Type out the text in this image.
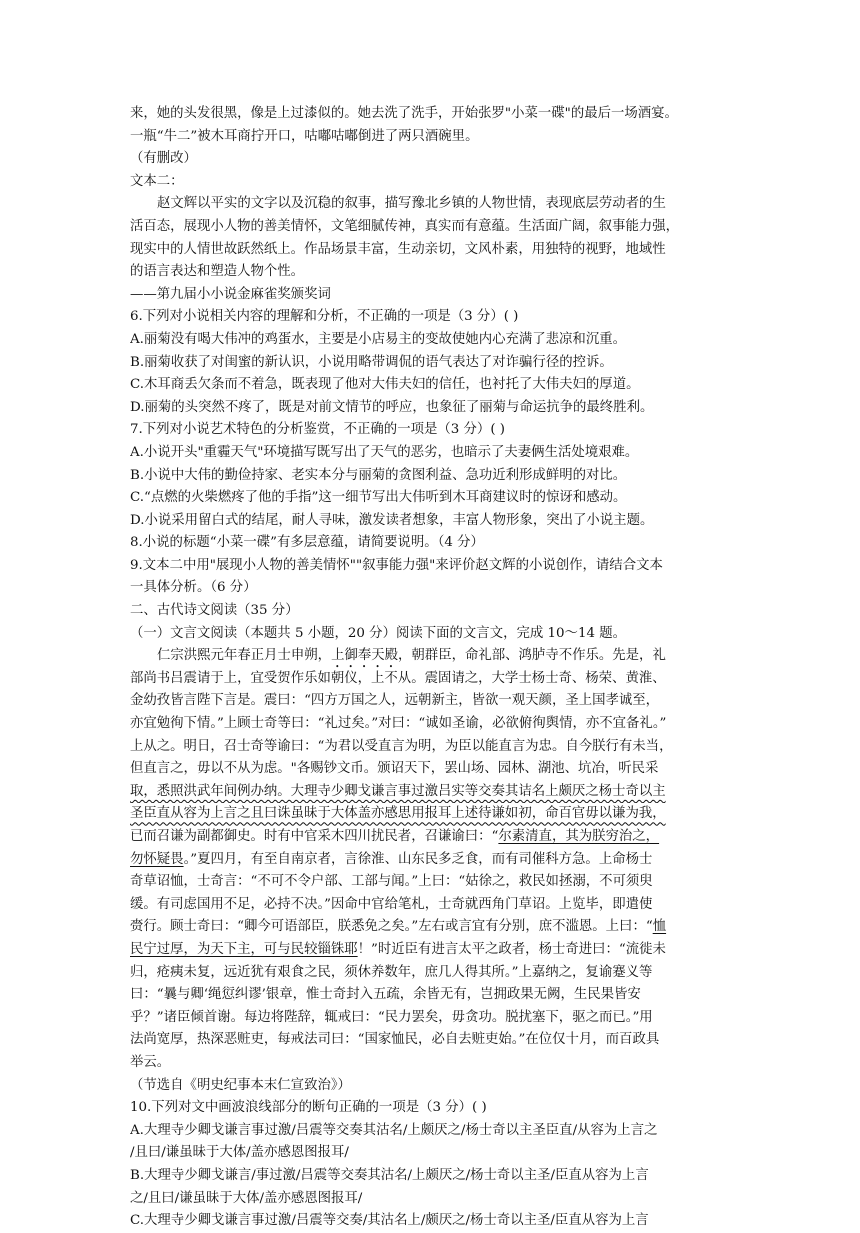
来，她的头发很黑，像是上过漆似的。她去洗了洗手，开始张罗"小菜一碟"的最后一场酒宴。
一瓶“牛二”被木耳商拧开口，咕嘟咕嘟倒进了两只酒碗里。
（有删改）
文本二：
赵文辉以平实的文字以及沉稳的叙事，描写豫北乡镇的人物世情，表现底层劳动者的生
活百态，展现小人物的善美情怀，文笔细腻传神，真实而有意蕴。生活面广阔，叙事能力强，
现实中的人情世故跃然纸上。作品场景丰富，生动亲切，文风朴素，用独特的视野，地域性
的语言表达和塑造人物个性。
——第九届小小说金麻雀奖颁奖词
6.下列对小说相关内容的理解和分析，不正确的一项是（3 分）( )
A.丽菊没有喝大伟冲的鸡蛋水，主要是小店易主的变故使她内心充满了悲凉和沉重。
B.丽菊收获了对闺蜜的新认识，小说用略带调侃的语气表达了对诈骗行径的控诉。
C.木耳商丢欠条而不着急，既表现了他对大伟夫妇的信任，也衬托了大伟夫妇的厚道。
D.丽菊的头突然不疼了，既是对前文情节的呼应，也象征了丽菊与命运抗争的最终胜利。
7.下列对小说艺术特色的分析鉴赏，不正确的一项是（3 分）( )
A.小说开头"重霾天气"环境描写既写出了天气的恶劣，也暗示了夫妻俩生活处境艰难。
B.小说中大伟的勤俭持家、老实本分与丽菊的贪图利益、急功近利形成鲜明的对比。
C.“点燃的火柴燃疼了他的手指”这一细节写出大伟听到木耳商建议时的惊讶和感动。
D.小说采用留白式的结尾，耐人寻味，激发读者想象，丰富人物形象，突出了小说主题。
8.小说的标题“小菜一碟”有多层意蕴，请简要说明。（4 分）
9.文本二中用"展现小人物的善美情怀""叙事能力强"来评价赵文辉的小说创作，请结合文本
一具体分析。（6 分）
二、古代诗文阅读（35 分）
（一）文言文阅读（本题共 5 小题，20 分）阅读下面的文言文，完成 10～14 题。
仁宗洪熙元年春正月士申朔，上御奉天殿，朝群臣，命礼部、鸿胪寺不作乐。先是，礼
部尚书吕震请于上，宜受贺作乐如朝仪，上不从。震固请之，大学士杨士奇、杨荣、黄淮、
金幼孜皆言陛下言是。震曰：“四方万国之人，远朝新主，皆欲一观天颜，圣上国孝诚至，
亦宜勉徇下情。”上顾士奇等曰：“礼过矣。”对曰：“诚如圣谕，必欲俯徇舆情，亦不宜备礼。”
上从之。明日，召士奇等谕曰：“为君以受直言为明，为臣以能直言为忠。自今朕行有未当，
但直言之，毋以不从为虑。"各赐钞文币。颁诏天下，罢山场、园林、湖池、坑冶，听民采
取，悉照洪武年间例办纳。大理寺少卿戈谦言事过激吕实等交奏其诘名上颇厌之杨士奇以主
圣臣直从容为上言之且曰诛虽昧于大体盖亦感思用报耳上述待谦如初，命百官毋以谦为我，
已而召谦为副都御史。时有中官采木四川扰民者，召谦谕曰：“尔素清直，其为朕穷治之，
勿怀疑畏。”夏四月，有至自南京者，言徐淮、山东民多乏食，而有司催科方急。上命杨士
奇草诏恤，士奇言：“不可不令户部、工部与闻。”上曰：“姑徐之，救民如拯溺，不可须臾
缓。有司虑国用不足，必持不决。”因命中官给笔札，士奇就西角门草诏。上览毕，即遣使
赍行。顾士奇曰：“卿今可语部臣，朕悉免之矣。”左右或言宜有分别，庶不滥恩。上曰：“恤
民宁过厚，为天下主，可与民较锱铢耶！”时近臣有进言太平之政者，杨士奇进曰：“流徙未
归，疮痍未复，远近犹有艰食之民，须休养数年，庶几人得其所。”上嘉纳之，复谕蹇义等
曰：“曩与卿‘绳愆纠谬’银章，惟士奇封入五疏，余皆无有，岂拥政果无阙，生民果皆安
乎？”诸臣倾首谢。每边将陛辞，辄戒曰：“民力罢矣，毋贪功。脱扰塞下，驱之而已。”用
法尚宽厚，热深恶赃吏，每戒法司曰：“国家恤民，必自去赃吏始。”在位仅十月，而百政具
举云。
（节选自《明史纪事本末仁宣致治》）
10.下列对文中画波浪线部分的断句正确的一项是（3 分）( )
A.大理寺少卿戈谦言事过激/吕震等交奏其沽名/上颇厌之/杨士奇以主圣臣直/从容为上言之
/且曰/谦虽昧于大体/盖亦感恩图报耳/
B.大理寺少卿戈谦言/事过激/吕震等交奏其沽名/上颇厌之/杨士奇以主圣/臣直从容为上言
之/且曰/谦虽昧于大体/盖亦感恩图报耳/
C.大理寺少卿戈谦言事过激/吕震等交奏/其沽名上/颇厌之/杨士奇以主圣/臣直从容为上言
